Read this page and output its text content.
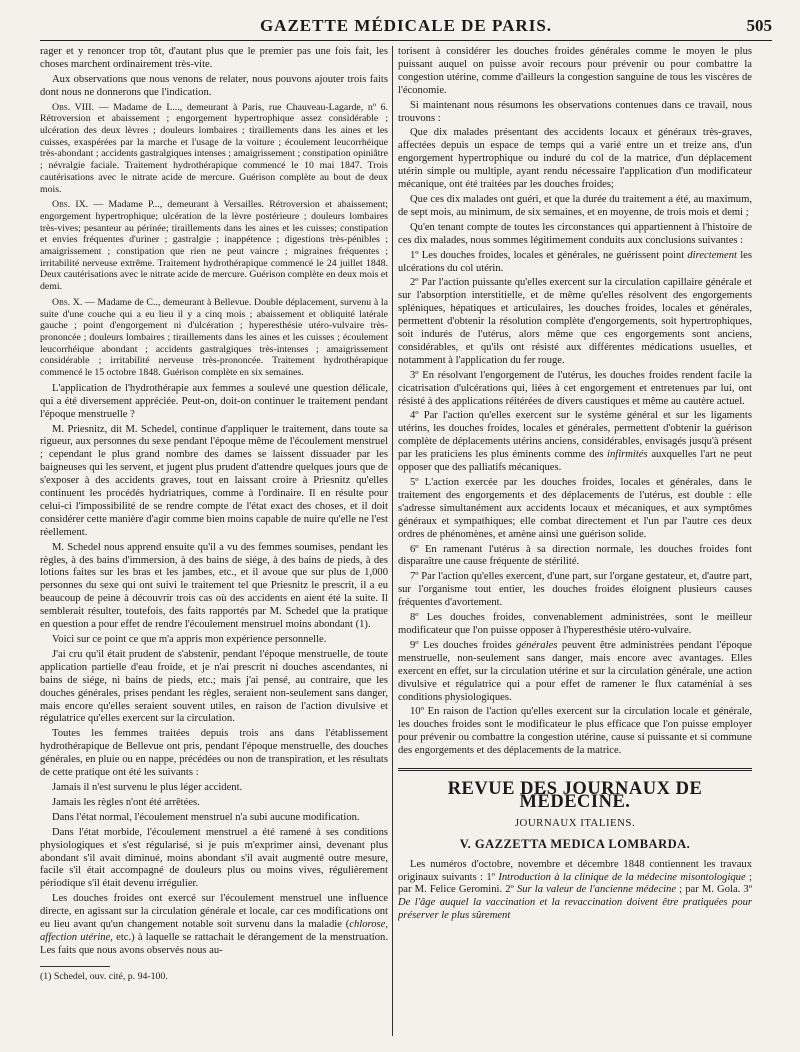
GAZETTE MÉDICALE DE PARIS.	505

rager et y renoncer trop tôt, d'autant plus que le premier pas une fois fait, les choses marchent ordinairement très-vite.

Aux observations que nous venons de relater, nous pouvons ajouter trois faits dont nous ne donnerons que l'indication.

Obs. VIII. — Madame de L..., demeurant à Paris, rue Chauveau-Lagarde, nº 6. Rétroversion et abaissement ; engorgement hypertrophique assez considérable ; ulcération des deux lèvres ; douleurs lombaires ; tiraillements dans les aines et les cuisses, exaspérées par la marche et l'usage de la voiture ; écoulement leucorrhéique très-abondant ; accidents gastralgiques intenses ; amaigrissement ; constipation opiniâtre ; névralgie faciale. Traitement hydrothérapique commencé le 10 mai 1847. Trois cautérisations avec le nitrate acide de mercure. Guérison complète au bout de deux mois.

Obs. IX. — Madame P..., demeurant à Versailles. Rétroversion et abaissement; engorgement hypertrophique; ulcération de la lèvre postérieure ; douleurs lombaires très-vives; pesanteur au périnée; tiraillements dans les aines et les cuisses; constipation et envies fréquentes d'uriner ; gastralgie ; inappétence ; digestions très-pénibles ; amaigrissement ; constipation que rien ne peut vaincre ; migraines fréquentes ; irritabilité nerveuse extrême. Traitement hydrothérapique commencé le 24 juillet 1848. Deux cautérisations avec le nitrate acide de mercure. Guérison complète en deux mois et demi.

Obs. X. — Madame de C.., demeurant à Bellevue. Double déplacement, survenu à la suite d'une couche qui a eu lieu il y a cinq mois ; abaissement et obliquité latérale gauche ; point d'engorgement ni d'ulcération ; hyperesthésie utéro-vulvaire très-prononcée ; douleurs lombaires ; tiraillements dans les aines et les cuisses ; écoulement leucorrhéique abondant ; accidents gastralgiques très-intenses ; amaigrissement considérable ; irritabilité nerveuse très-prononcée. Traitement hydrothérapique commencé le 15 octobre 1848. Guérison complète en six semaines.

L'application de l'hydrothérapie aux femmes a soulevé une question délicale, qui a été diversement appréciée. Peut-on, doit-on continuer le traitement pendant l'époque menstruelle ?

M. Priesnitz, dit M. Schedel, continue d'appliquer le traitement, dans toute sa rigueur, aux personnes du sexe pendant l'époque même de l'écoulement menstruel ; cependant le plus grand nombre des dames se laissent dissuader par les baigneuses qui les servent, et jugent plus prudent d'attendre quelques jours que de s'exposer à des accidents graves, tout en laissant croire à Priesnitz qu'elles continuent les procédés hydriatriques, comme à l'ordinaire. Il en résulte pour celui-ci l'impossibilité de se rendre compte de l'état exact des choses, et il doit considérer cette manière d'agir comme bien moins capable de nuire qu'elle ne l'est réellement.

M. Schedel nous apprend ensuite qu'il a vu des femmes soumises, pendant les règles, à des bains d'immersion, à des bains de siége, à des bains de pieds, à des lotions faites sur les bras et les jambes, etc., et il avoue que sur plus de 1,000 personnes du sexe qui ont suivi le traitement tel que Priesnitz le prescrit, il a eu beaucoup de peine à découvrir trois cas où des accidents en aient été la suite. Il semblerait résulter, toutefois, des faits rapportés par M. Schedel que la pratique en question a pour effet de rendre l'écoulement menstruel moins abondant (1).

Voici sur ce point ce que m'a appris mon expérience personnelle.

J'ai cru qu'il était prudent de s'abstenir, pendant l'époque menstruelle, de toute application partielle d'eau froide, et je n'ai prescrit ni douches ascendantes, ni bains de siége, ni bains de pieds, etc.; mais j'ai pensé, au contraire, que les douches générales, prises pendant les règles, seraient non-seulement sans danger, mais encore qu'elles seraient souvent utiles, en raison de l'action divulsive et régulatrice qu'elles exercent sur la circulation.

Toutes les femmes traitées depuis trois ans dans l'établissement hydrothérapique de Bellevue ont pris, pendant l'époque menstruelle, des douches générales, en pluie ou en nappe, précédées ou non de transpiration, et les résultats de cette pratique ont été les suivants :

Jamais il n'est survenu le plus léger accident.

Jamais les règles n'ont été arrêtées.

Dans l'état normal, l'écoulement menstruel n'a subi aucune modification.

Dans l'état morbide, l'écoulement menstruel a été ramené à ses conditions physiologiques et s'est régularisé, si je puis m'exprimer ainsi, devenant plus abondant s'il avait diminué, moins abondant s'il avait augmenté outre mesure, facile s'il était accompagné de douleurs plus ou moins vives, régulièrement périodique s'il était devenu irrégulier.

Les douches froides ont exercé sur l'écoulement menstruel une influence directe, en agissant sur la circulation générale et locale, car ces modifications ont eu lieu avant qu'un changement notable soit survenu dans la maladie (chlorose, affection utérine, etc.) à laquelle se rattachait le dérangement de la menstruation. Les faits que nous avons observés nous au-

(1) Schedel, ouv. cité, p. 94-100.

torisent à considérer les douches froides générales comme le moyen le plus puissant auquel on puisse avoir recours pour prévenir ou pour combattre la congestion utérine, comme d'ailleurs la congestion sanguine de tous les viscères de l'économie.

Si maintenant nous résumons les observations contenues dans ce travail, nous trouvons :

Que dix malades présentant des accidents locaux et généraux très-graves, affectées depuis un espace de temps qui a varié entre un et treize ans, d'un engorgement hypertrophique ou induré du col de la matrice, d'un déplacement utérin simple ou multiple, ayant rendu nécessaire l'application d'un modificateur mécanique, ont été traitées par les douches froides;

Que ces dix malades ont guéri, et que la durée du traitement a été, au maximum, de sept mois, au minimum, de six semaines, et en moyenne, de trois mois et demi ;

Qu'en tenant compte de toutes les circonstances qui appartiennent à l'histoire de ces dix malades, nous sommes légitimement conduits aux conclusions suivantes :

1º Les douches froides, locales et générales, ne guérissent point directement les ulcérations du col utérin.

2º Par l'action puissante qu'elles exercent sur la circulation capillaire générale et sur l'absorption interstitielle, et de même qu'elles résolvent des engorgements spléniques, hépatiques et articulaires, les douches froides, locales et générales, permettent d'obtenir la résolution complète d'engorgements, soit hypertrophiques, soit indurés de l'utérus, alors même que ces engorgements sont anciens, considérables, et qu'ils ont résisté aux différentes médications usuelles, et notamment à l'application du fer rouge.

3º En résolvant l'engorgement de l'utérus, les douches froides rendent facile la cicatrisation d'ulcérations qui, liées à cet engorgement et entretenues par lui, ont résisté à des applications réitérées de divers caustiques et même au cautère actuel.

4º Par l'action qu'elles exercent sur le système général et sur les ligaments utérins, les douches froides, locales et générales, permettent d'obtenir la guérison complète de déplacements utérins anciens, considérables, envisagés jusqu'à présent par les praticiens les plus éminents comme des infirmités auxquelles l'art ne peut opposer que des palliatifs mécaniques.

5º L'action exercée par les douches froides, locales et générales, dans le traitement des engorgements et des déplacements de l'utérus, est double : elle s'adresse simultanément aux accidents locaux et mécaniques, et aux symptômes généraux et sympathiques; elle combat directement et l'un par l'autre ces deux ordres de phénomènes, et amène ainsi une guérison solide.

6º En ramenant l'utérus à sa direction normale, les douches froides font disparaître une cause fréquente de stérilité.

7º Par l'action qu'elles exercent, d'une part, sur l'organe gestateur, et, d'autre part, sur l'organisme tout entier, les douches froides éloignent plusieurs causes fréquentes d'avortement.

8º Les douches froides, convenablement administrées, sont le meilleur modificateur que l'on puisse opposer à l'hyperesthésie utéro-vulvaire.

9º Les douches froides générales peuvent être administrées pendant l'époque menstruelle, non-seulement sans danger, mais encore avec avantages. Elles exercent en effet, sur la circulation utérine et sur la circulation générale, une action divulsive et régulatrice qui a pour effet de ramener le flux cataménial à ses conditions physiologiques.

10º En raison de l'action qu'elles exercent sur la circulation locale et générale, les douches froides sont le modificateur le plus efficace que l'on puisse employer pour prévenir ou combattre la congestion utérine, cause si puissante et si commune des engorgements et des déplacements de la matrice.

REVUE DES JOURNAUX DE MÉDECINE.

JOURNAUX ITALIENS.

V. GAZZETTA MEDICA LOMBARDA.

Les numéros d'octobre, novembre et décembre 1848 contiennent les travaux originaux suivants : 1º Introduction à la clinique de la médecine misontologique ; par M. Felice Geromini. 2º Sur la valeur de l'ancienne médecine ; par M. Gola. 3º De l'âge auquel la vaccination et la revaccination doivent être pratiquées pour préserver le plus sûrement
